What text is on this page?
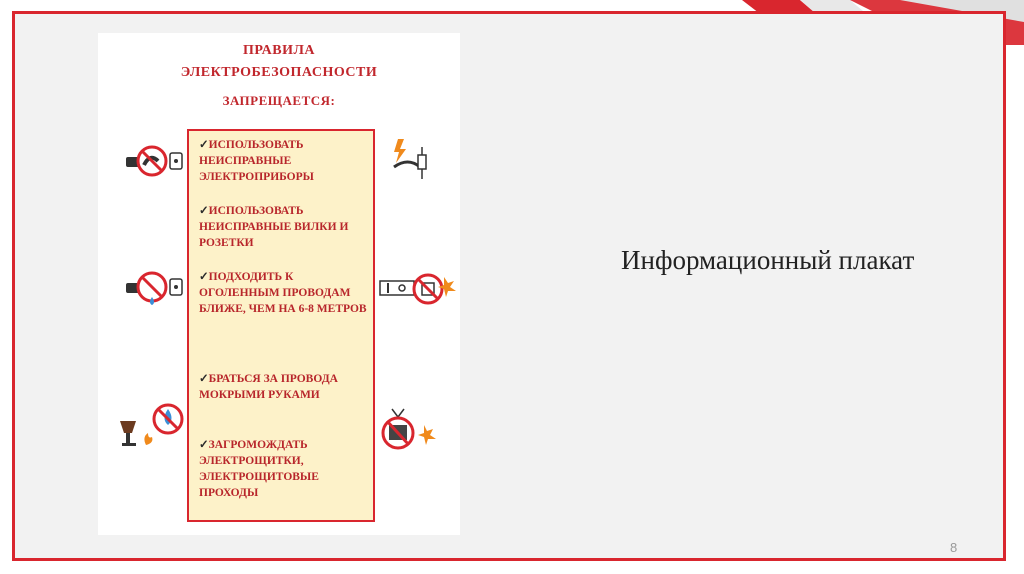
ПРАВИЛА
ЭЛЕКТРОБЕЗОПАСНОСТИ
ЗАПРЕЩАЕТСЯ:
✓ИСПОЛЬЗОВАТЬ НЕИСПРАВНЫЕ ЭЛЕКТРОПРИБОРЫ
✓ИСПОЛЬЗОВАТЬ НЕИСПРАВНЫЕ ВИЛКИ И РОЗЕТКИ
✓ПОДХОДИТЬ К ОГОЛЕННЫМ ПРОВОДАМ БЛИЖЕ, ЧЕМ НА 6-8 МЕТРОВ
✓БРАТЬСЯ ЗА ПРОВОДА МОКРЫМИ РУКАМИ
✓ЗАГРОМОЖДАТЬ ЭЛЕКТРОЩИТКИ, ЭЛЕКТРОЩИТОВЫЕ ПРОХОДЫ
Информационный плакат
8
